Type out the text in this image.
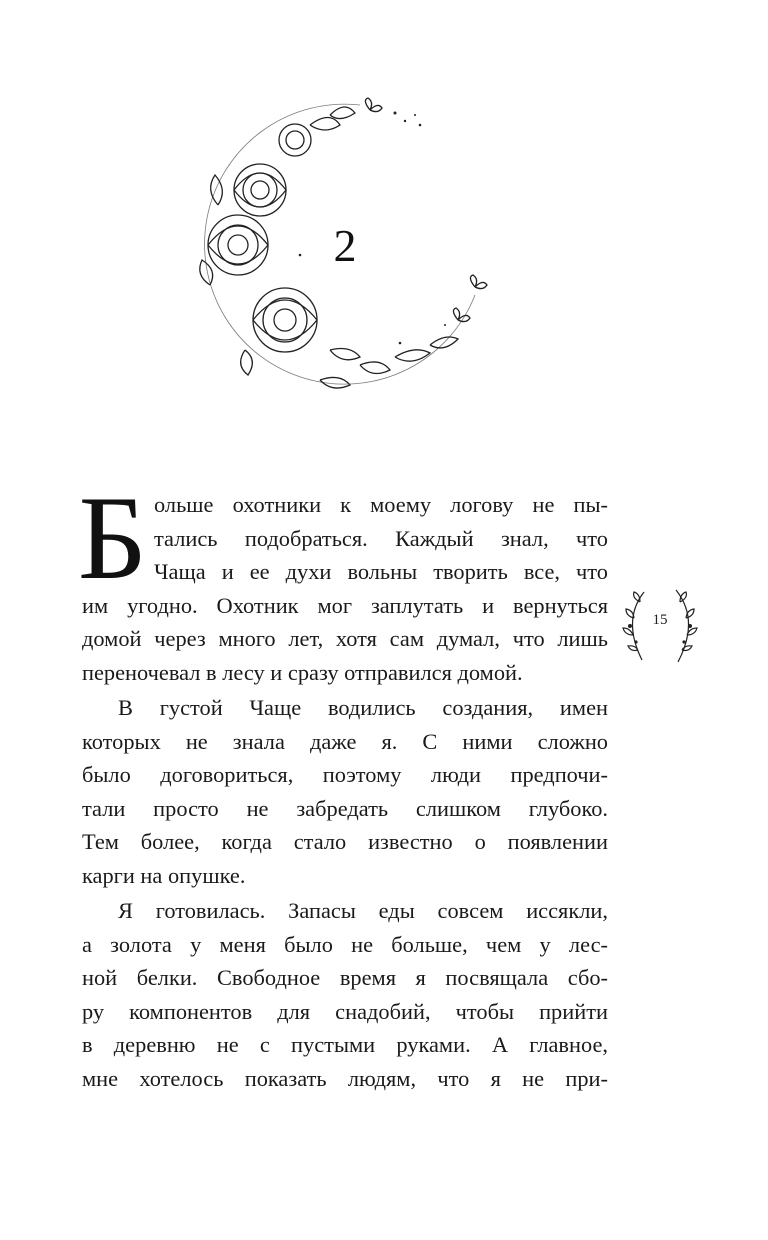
2
Б ольше охотники к моему логову не пы-
тались подобраться. Каждый знал, что
Чаща и ее духи вольны творить все, что
им угодно. Охотник мог заплутать и вернуться
домой через много лет, хотя сам думал, что лишь
переночевал в лесу и сразу отправился домой.
В густой Чаще водились создания, имен
которых не знала даже я. С ними сложно
было договориться, поэтому люди предпочи-
тали просто не забредать слишком глубоко.
Тем более, когда стало известно о появлении
карги на опушке.
Я готовилась. Запасы еды совсем иссякли,
а золота у меня было не больше, чем у лес-
ной белки. Свободное время я посвящала сбо-
ру компонентов для снадобий, чтобы прийти
в деревню не с пустыми руками. А главное,
мне хотелось показать людям, что я не при-
15
